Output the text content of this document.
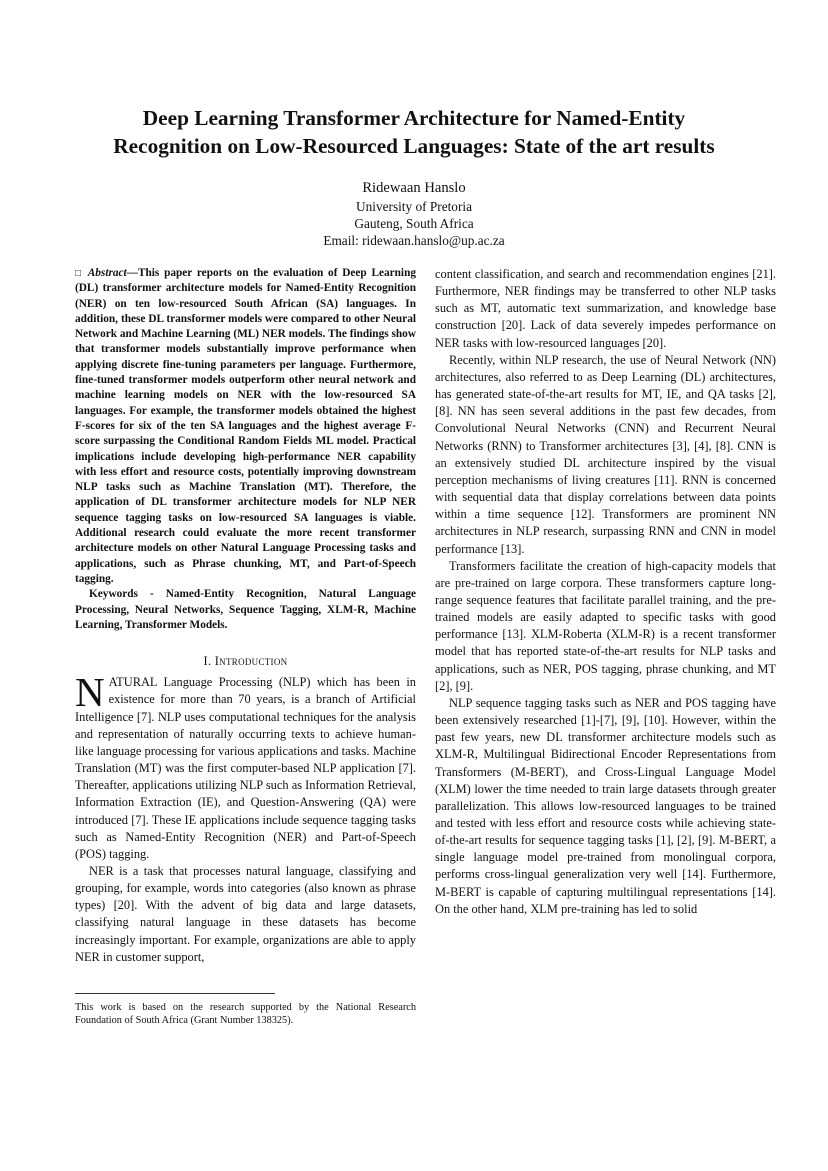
Deep Learning Transformer Architecture for Named-Entity
Recognition on Low-Resourced Languages: State of the art results
Ridewaan Hanslo
University of Pretoria
Gauteng, South Africa
Email: ridewaan.hanslo@up.ac.za

□ Abstract—This paper reports on the evaluation of Deep Learning (DL) transformer architecture models for Named-Entity Recognition (NER) on ten low-resourced South African (SA) languages. In addition, these DL transformer models were compared to other Neural Network and Machine Learning (ML) NER models. The findings show that transformer models substantially improve performance when applying discrete fine-tuning parameters per language. Furthermore, fine-tuned transformer models outperform other neural network and machine learning models on NER with the low-resourced SA languages. For example, the transformer models obtained the highest F-scores for six of the ten SA languages and the highest average F-score surpassing the Conditional Random Fields ML model. Practical implications include developing high-performance NER capability with less effort and resource costs, potentially improving downstream NLP tasks such as Machine Translation (MT). Therefore, the application of DL transformer architecture models for NLP NER sequence tagging tasks on low-resourced SA languages is viable. Additional research could evaluate the more recent transformer architecture models on other Natural Language Processing tasks and applications, such as Phrase chunking, MT, and Part-of-Speech tagging.

Keywords - Named-Entity Recognition, Natural Language Processing, Neural Networks, Sequence Tagging, XLM-R, Machine Learning, Transformer Models.

I. Introduction

NATURAL Language Processing (NLP) which has been in existence for more than 70 years, is a branch of Artificial Intelligence [7]. NLP uses computational techniques for the analysis and representation of naturally occurring texts to achieve human-like language processing for various applications and tasks. Machine Translation (MT) was the first computer-based NLP application [7]. Thereafter, applications utilizing NLP such as Information Retrieval, Information Extraction (IE), and Question-Answering (QA) were introduced [7]. These IE applications include sequence tagging tasks such as Named-Entity Recognition (NER) and Part-of-Speech (POS) tagging.

NER is a task that processes natural language, classifying and grouping, for example, words into categories (also known as phrase types) [20]. With the advent of big data and large datasets, classifying natural language in these datasets has become increasingly important. For example, organizations are able to apply NER in customer support,

content classification, and search and recommendation engines [21]. Furthermore, NER findings may be transferred to other NLP tasks such as MT, automatic text summarization, and knowledge base construction [20]. Lack of data severely impedes performance on NER tasks with low-resourced languages [20].

Recently, within NLP research, the use of Neural Network (NN) architectures, also referred to as Deep Learning (DL) architectures, has generated state-of-the-art results for MT, IE, and QA tasks [2], [8]. NN has seen several additions in the past few decades, from Convolutional Neural Networks (CNN) and Recurrent Neural Networks (RNN) to Transformer architectures [3], [4], [8]. CNN is an extensively studied DL architecture inspired by the visual perception mechanisms of living creatures [11]. RNN is concerned with sequential data that display correlations between data points within a time sequence [12]. Transformers are prominent NN architectures in NLP research, surpassing RNN and CNN in model performance [13].

Transformers facilitate the creation of high-capacity models that are pre-trained on large corpora. These transformers capture long-range sequence features that facilitate parallel training, and the pre-trained models are easily adapted to specific tasks with good performance [13]. XLM-Roberta (XLM-R) is a recent transformer model that has reported state-of-the-art results for NLP tasks and applications, such as NER, POS tagging, phrase chunking, and MT [2], [9].

NLP sequence tagging tasks such as NER and POS tagging have been extensively researched [1]-[7], [9], [10]. However, within the past few years, new DL transformer architecture models such as XLM-R, Multilingual Bidirectional Encoder Representations from Transformers (M-BERT), and Cross-Lingual Language Model (XLM) lower the time needed to train large datasets through greater parallelization. This allows low-resourced languages to be trained and tested with less effort and resource costs while achieving state-of-the-art results for sequence tagging tasks [1], [2], [9]. M-BERT, a single language model pre-trained from monolingual corpora, performs cross-lingual generalization very well [14]. Furthermore, M-BERT is capable of capturing multilingual representations [14]. On the other hand, XLM pre-training has led to solid

This work is based on the research supported by the National Research Foundation of South Africa (Grant Number 138325).
